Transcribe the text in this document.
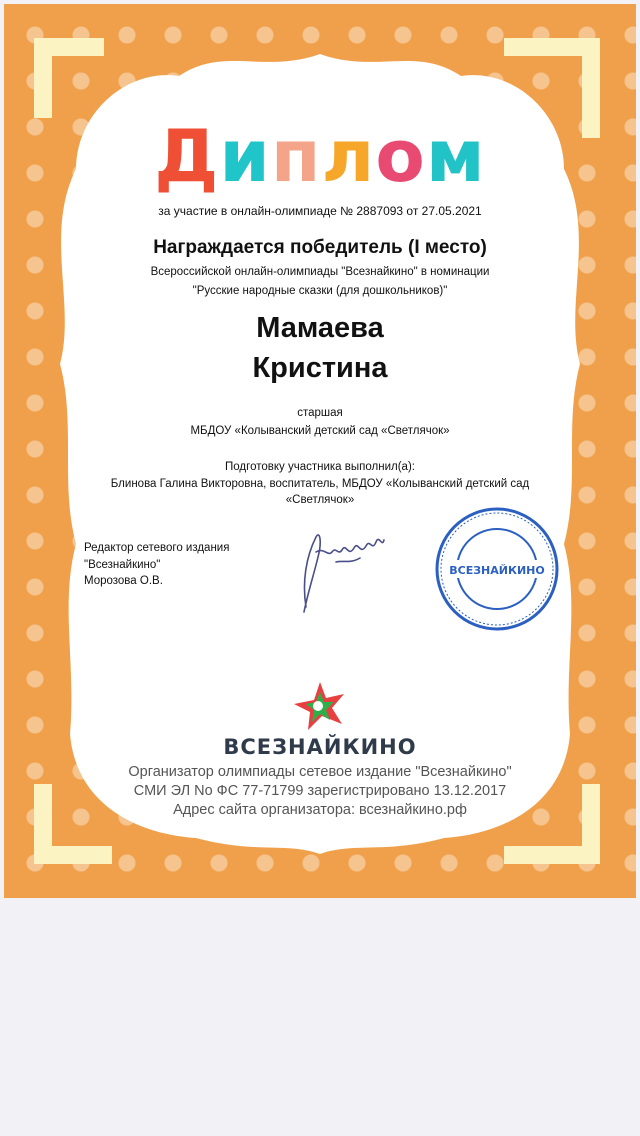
Диплом
за участие в онлайн-олимпиаде № 2887093 от 27.05.2021
Награждается победитель (I место)
Всероссийской онлайн-олимпиады "Всезнайкино" в номинации
"Русские народные сказки (для дошкольников)"
Мамаева
Кристина
старшая
МБДОУ «Колыванский детский сад «Светлячок»
Подготовку участника выполнил(а):
Блинова Галина Викторовна, воспитатель, МБДОУ «Колыванский детский сад
«Светлячок»
Редактор сетевого издания
"Всезнайкино"
Морозова О.В.
ВСЕЗНАЙКИНО
ВСЕЗНАЙКИНО
Организатор олимпиады сетевое издание "Всезнайкино"
СМИ ЭЛ No ФС 77-71799 зарегистрировано 13.12.2017
Адрес сайта организатора: всезнайкино.рф
